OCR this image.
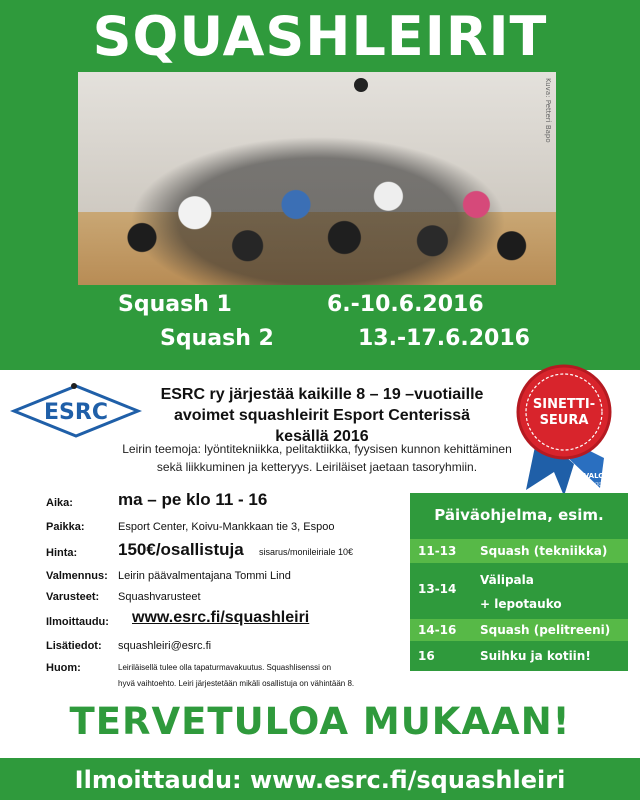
SQUASHLEIRIT
Kuva: Petteri Bapo
Squash 1	6.-10.6.2016
Squash 2	13.-17.6.2016
ESRC
ESRC ry järjestää kaikille 8 – 19 –vuotiaille
avoimet squashleirit Esport Centerissä kesällä 2016
Leirin teemoja: lyöntitekniikka, pelitaktiikka, fyysisen kunnon kehittäminen
sekä liikkuminen ja ketteryys. Leiriläiset jaetaan tasoryhmiin.
SINETTI-
SEURA
VALO
LAJILIITOT
Aika:	ma – pe klo 11 - 16
Paikka:	Esport Center, Koivu-Mankkaan tie 3, Espoo
Hinta: 150€/osallistuja sisarus/monileiriale 10€
Valmennus: Leirin päävalmentajana Tommi Lind
Varusteet: Squashvarusteet
Ilmoittaudu: www.esrc.fi/squashleiri
Lisätiedot: squashleiri@esrc.fi
Huom:	Leiriläisellä tulee olla tapaturmavakuutus. Squashlisenssi on
hyvä vaihtoehto. Leiri järjestetään mikäli osallistuja on vähintään 8.
Päiväohjelma, esim.
11-13 Squash (tekniikka)
13-14
Välipala
+ lepotauko
14-16 Squash (pelitreeni)
16	Suihku ja kotiin!
TERVETULOA MUKAAN!
Ilmoittaudu: www.esrc.fi/squashleiri
